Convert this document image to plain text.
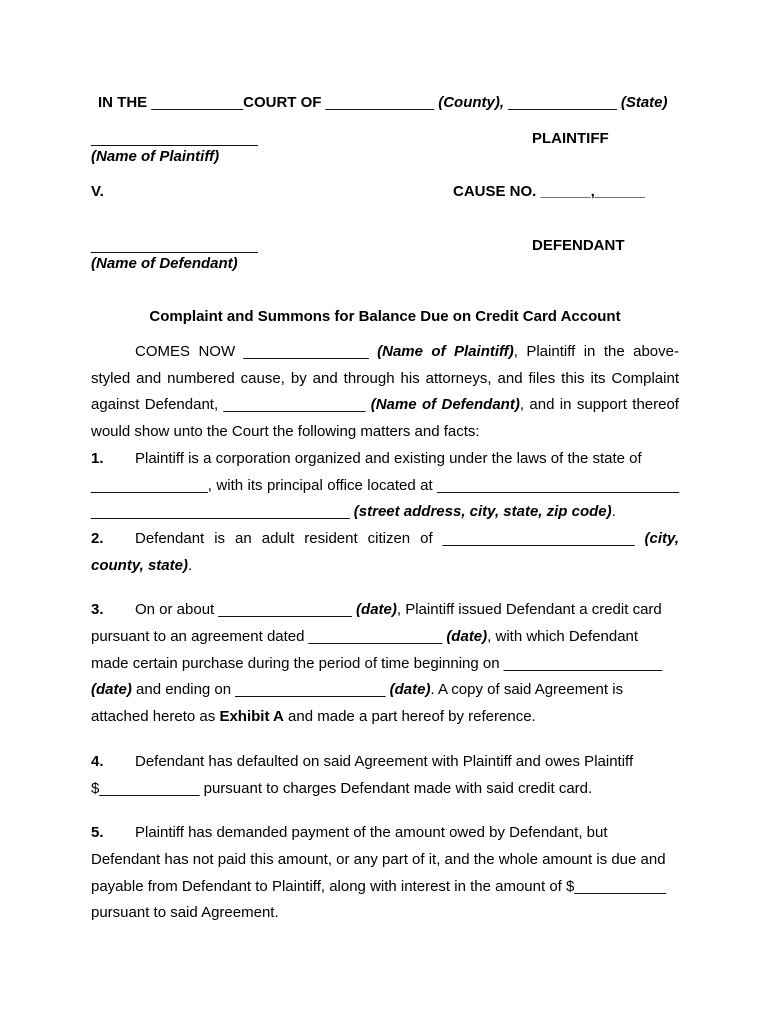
IN THE ___________COURT OF _____________ (County), _____________ (State)
____________________	PLAINTIFF
(Name of Plaintiff)
V.	CAUSE NO. ______,______
____________________	DEFENDANT
(Name of Defendant)
Complaint and Summons for Balance Due on Credit Card Account

COMES NOW _______________ (Name of Plaintiff), Plaintiff in the above-

styled and numbered cause, by and through his attorneys, and files this its Complaint

against Defendant, _________________ (Name of Defendant), and in support thereof

would show unto the Court the following matters and facts:

1. Plaintiff is a corporation organized and existing under the laws of the state of

______________, with its principal office located at _____________________________

_______________________________ (street address, city, state, zip code).

2. Defendant is an adult resident citizen of _______________________ (city,

county, state).

3. On or about ________________ (date), Plaintiff issued Defendant a credit card

pursuant to an agreement dated ________________ (date), with which Defendant

made certain purchase during the period of time beginning on ___________________

(date) and ending on __________________ (date). A copy of said Agreement is

attached hereto as Exhibit A and made a part hereof by reference.

4. Defendant has defaulted on said Agreement with Plaintiff and owes Plaintiff

$____________ pursuant to charges Defendant made with said credit card.

5. Plaintiff has demanded payment of the amount owed by Defendant, but

Defendant has not paid this amount, or any part of it, and the whole amount is due and

payable from Defendant to Plaintiff, along with interest in the amount of $___________

pursuant to said Agreement.
